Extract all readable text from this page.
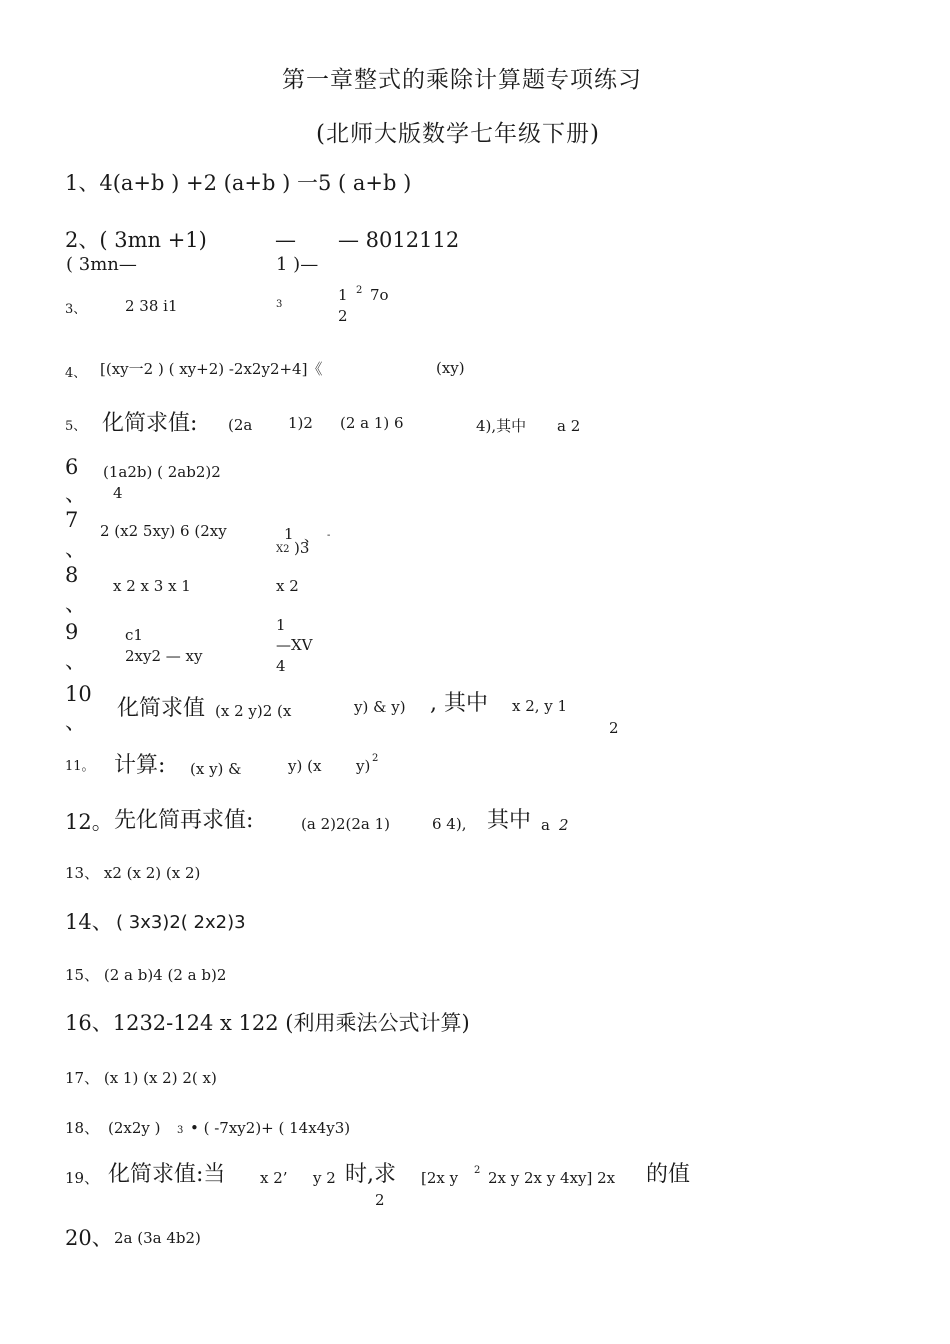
第一章整式的乘除计算题专项练习
(北师大版数学七年级下册)
1、4(a+b ) +2 (a+b ) 一5 ( a+b )
2、( 3mn +1)	— — 8012112
( 3mn—	1 )—
3、	2 38 i1	3
1 2 7o
2
4、 [(xy一2 ) ( xy+2) -2x2y2+4]《	(xy)
5、 化简求值: (2a 1)2 (2 a 1) 6	4),其中 a 2
6
、
(1a2b) ( 2ab2)2
4
7
、
2 (x2 5xy) 6 (2xy	1 、 -
X2 )3
8
、
x 2 x 3 x 1	x 2
9
、
c1
2xy2 — xy
1
—XV
4
10
、
化简求值 (x 2 y)2 (x	y) & y) , 其中 x 2, y 1
2
11。 计算: (x y) &	y) (x y) 2
12。 先化简再求值:	(a 2)2(2a 1)	6 4), 其中 a 2
13、 x2 (x 2) (x 2)
14、 ( 3x3)2( 2x2)3
15、 (2 a b)4 (2 a b)2
16、1232-124 x 122 (利用乘法公式计算)
17、 (x 1) (x 2) 2( x)
18、 (2x2y ) 3 • ( -7xy2)+ ( 14x4y3)
19、 化简求值:当 x 2’ y 2 时,求 [2x y 2 2x y 2x y 4xy] 2x 的值
2
20、 2a (3a 4b2)
